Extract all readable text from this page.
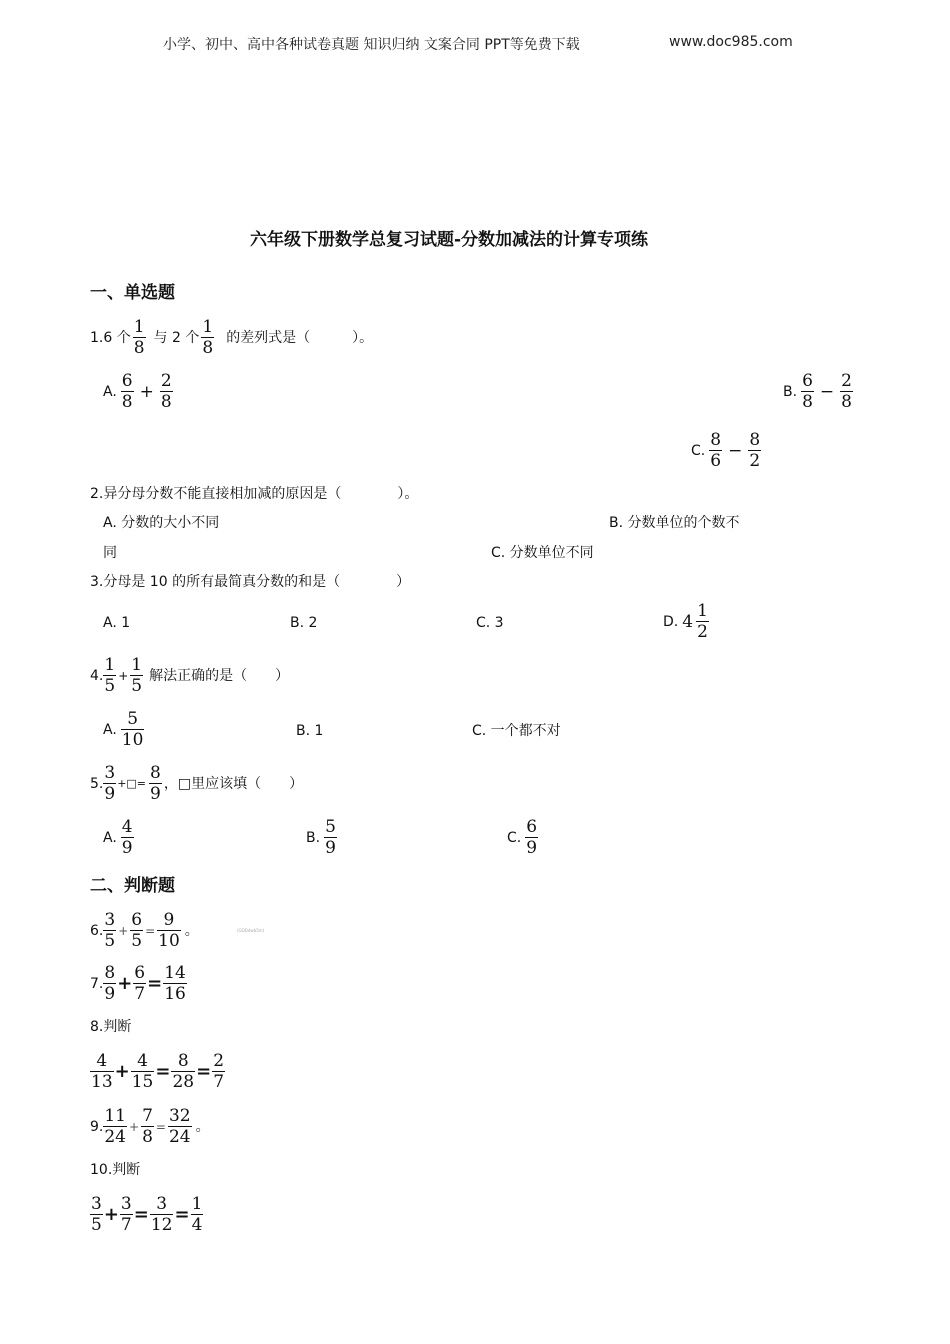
小学、初中、高中各种试卷真题 知识归纳 文案合同 PPT等免费下载	www.doc985.com
六年级下册数学总复习试题-分数加减法的计算专项练
一、单选题
1.6 个 $\frac{1}{8}$ 与 2 个 $\frac{1}{8}$ 的差列式是（　　　）。
A. $\frac{6}{8} + \frac{2}{8}$	B. $\frac{6}{8} - \frac{2}{8}$
C. $\frac{8}{6} - \frac{8}{2}$
2.异分母分数不能直接相加减的原因是（　　　　）。
A. 分数的大小不同	B. 分数单位的个数不
同	C. 分数单位不同
3.分母是 10 的所有最简真分数的和是（　　　　）
A. 1	B. 2	C. 3	D. $4 \frac{1}{2}$
4. $\frac{1}{5} + \frac{1}{5}$ 解法正确的是（　　）
A. $\frac{5}{10}$	B. 1	C. 一个都不对
5. $\frac{3}{9}$ +□= $\frac{8}{9}$ ，□里应该填（　　）
A. $\frac{4}{9}$	B. $\frac{5}{9}$	C. $\frac{6}{9}$
二、判断题
6. $\frac{3}{5} + \frac{6}{5} = \frac{9}{10}$ 。	(GQDdwb5m)
7. $\frac{8}{9} + \frac{6}{7} = \frac{14}{16}$
8.判断
$\frac{4}{13} + \frac{4}{15} = \frac{8}{28} = \frac{2}{7}$
9. $\frac{11}{24} + \frac{7}{8} = \frac{32}{24}$ 。
10.判断
$\frac{3}{5} + \frac{3}{7} = \frac{3}{12} = \frac{1}{4}$
